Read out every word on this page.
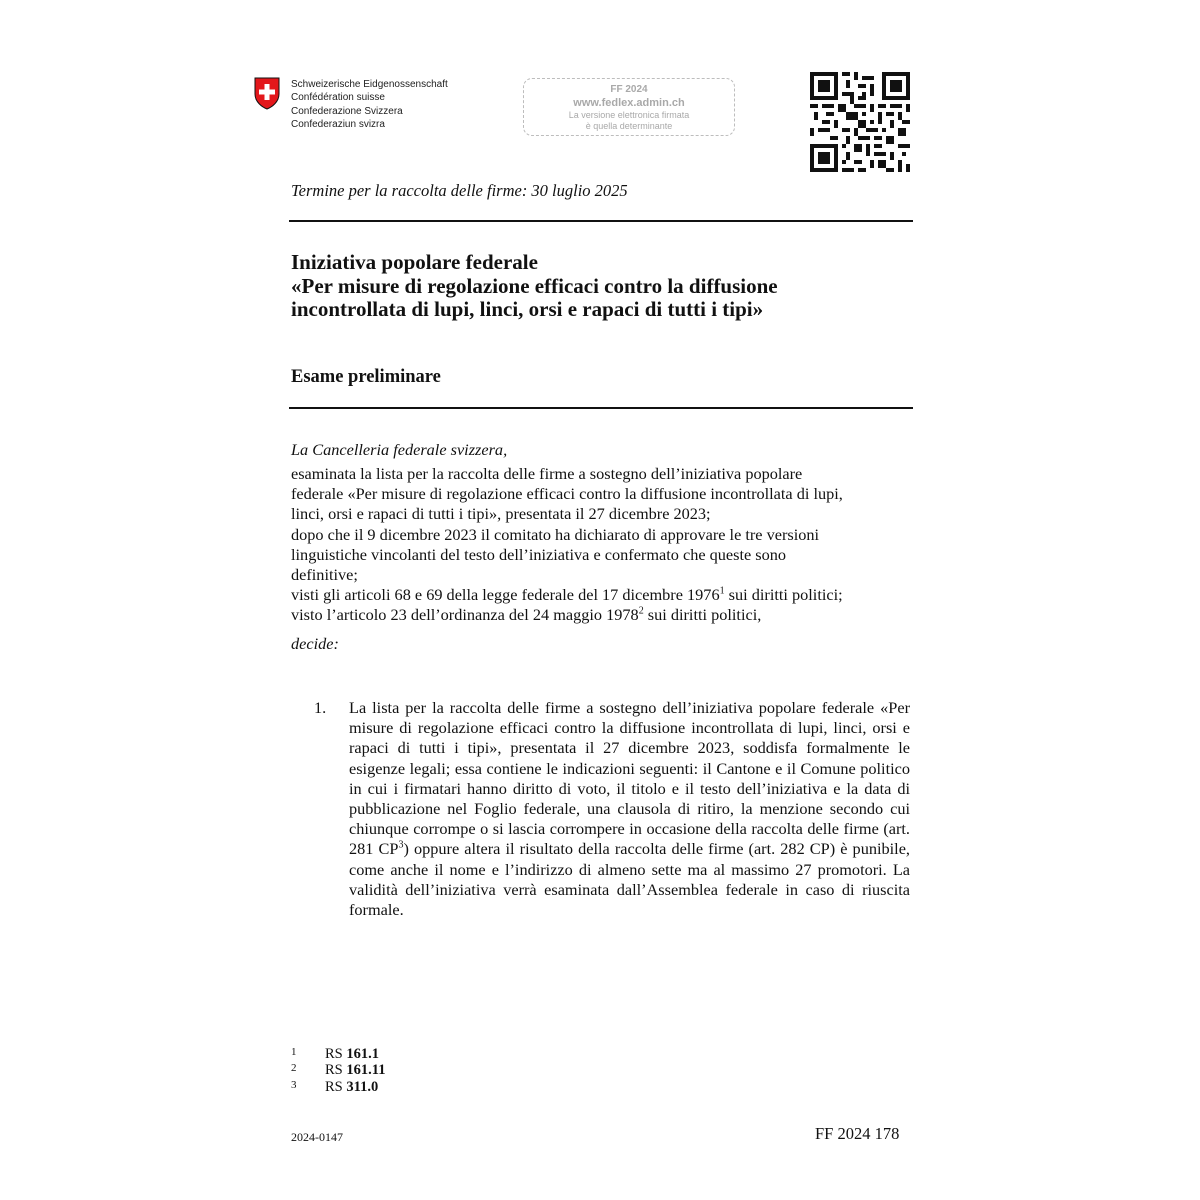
Schweizerische Eidgenossenschaft
Confédération suisse
Confederazione Svizzera
Confederaziun svizra
FF 2024
www.fedlex.admin.ch
La versione elettronica firmata
è quella determinante
Termine per la raccolta delle firme: 30 luglio 2025
Iniziativa popolare federale
«Per misure di regolazione efficaci contro la diffusione
incontrollata di lupi, linci, orsi e rapaci di tutti i tipi»
Esame preliminare
La Cancelleria federale svizzera,
esaminata la lista per la raccolta delle firme a sostegno dell’iniziativa popolare
federale «Per misure di regolazione efficaci contro la diffusione incontrollata di lupi,
linci, orsi e rapaci di tutti i tipi», presentata il 27 dicembre 2023;
dopo che il 9 dicembre 2023 il comitato ha dichiarato di approvare le tre versioni
linguistiche vincolanti del testo dell’iniziativa e confermato che queste sono
definitive;
visti gli articoli 68 e 69 della legge federale del 17 dicembre 1976$^1$ sui diritti politici;
visto l’articolo 23 dell’ordinanza del 24 maggio 1978$^2$ sui diritti politici,
decide:
1. La lista per la raccolta delle firme a sostegno dell’iniziativa popolare federale «Per misure di regolazione efficaci contro la diffusione incontrollata di lupi, linci, orsi e rapaci di tutti i tipi», presentata il 27 dicembre 2023, soddisfa formalmente le esigenze legali; essa contiene le indicazioni seguenti: il Cantone e il Comune politico in cui i firmatari hanno diritto di voto, il titolo e il testo dell’iniziativa e la data di pubblicazione nel Foglio federale, una clausola di ritiro, la menzione secondo cui chiunque corrompe o si lascia corrompere in occasione della raccolta delle firme (art. 281 $CP^3$) oppure altera il risultato della raccolta delle firme (art. 282 CP) è punibile, come anche il nome e l’indirizzo di almeno sette ma al massimo 27 promotori. La validità dell’iniziativa verrà esaminata dall’Assemblea federale in caso di riuscita formale.
1	RS 161.1
2	RS 161.11
3	RS 311.0
2024-0147	FF 2024 178
